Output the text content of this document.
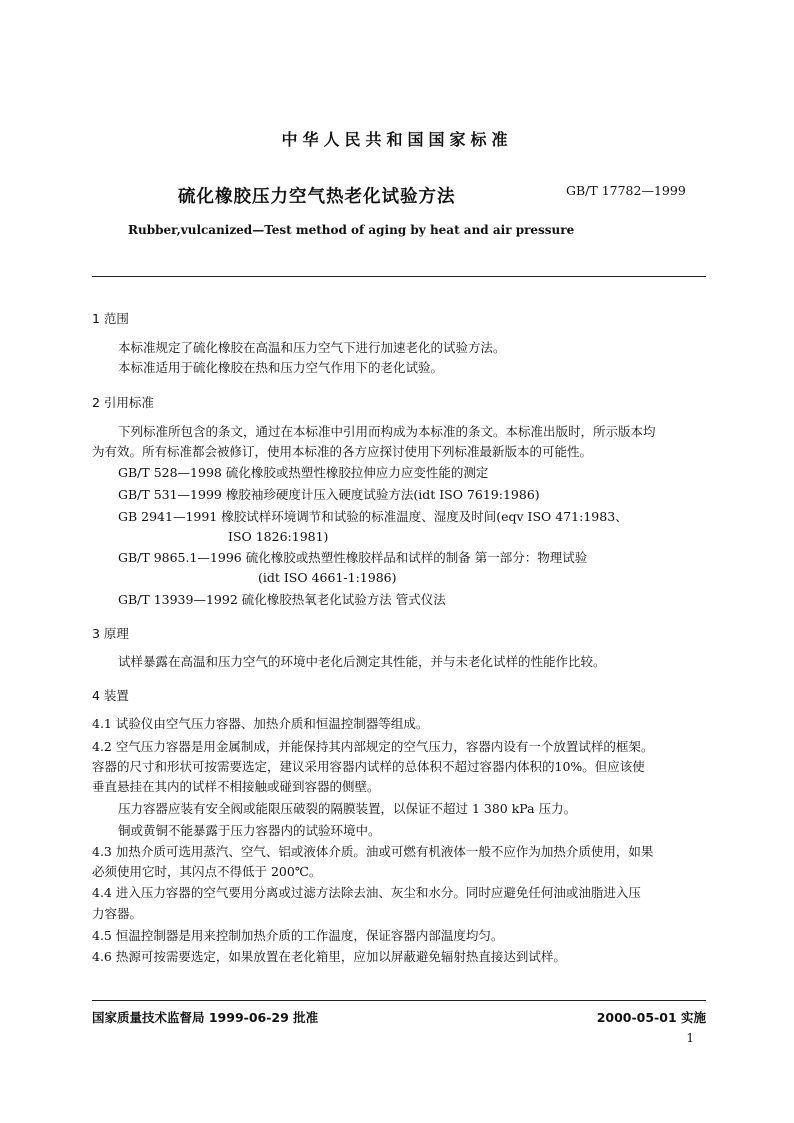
中华人民共和国国家标准
硫化橡胶压力空气热老化试验方法	GB/T 17782—1999
Rubber,vulcanized—Test method of aging by heat and air pressure
1 范围
本标准规定了硫化橡胶在高温和压力空气下进行加速老化的试验方法。
本标准适用于硫化橡胶在热和压力空气作用下的老化试验。
2 引用标准
下列标准所包含的条文，通过在本标准中引用而构成为本标准的条文。本标准出版时，所示版本均
为有效。所有标准都会被修订，使用本标准的各方应探讨使用下列标准最新版本的可能性。
GB/T 528—1998 硫化橡胶或热塑性橡胶拉伸应力应变性能的测定
GB/T 531—1999 橡胶袖珍硬度计压入硬度试验方法(idt ISO 7619:1986)
GB 2941—1991 橡胶试样环境调节和试验的标准温度、湿度及时间(eqv ISO 471:1983、
ISO 1826:1981)
GB/T 9865.1—1996 硫化橡胶或热塑性橡胶样品和试样的制备 第一部分：物理试验
(idt ISO 4661-1:1986)
GB/T 13939—1992 硫化橡胶热氧老化试验方法 管式仪法
3 原理
试样暴露在高温和压力空气的环境中老化后测定其性能，并与未老化试样的性能作比较。
4 装置
4.1 试验仪由空气压力容器、加热介质和恒温控制器等组成。
4.2 空气压力容器是用金属制成，并能保持其内部规定的空气压力，容器内设有一个放置试样的框架。
容器的尺寸和形状可按需要选定，建议采用容器内试样的总体积不超过容器内体积的10%。但应该使
垂直悬挂在其内的试样不相接触或碰到容器的侧壁。
压力容器应装有安全阀或能限压破裂的隔膜装置，以保证不超过 1 380 kPa 压力。
铜或黄铜不能暴露于压力容器内的试验环境中。
4.3 加热介质可选用蒸汽、空气、铝或液体介质。油或可燃有机液体一般不应作为加热介质使用，如果
必须使用它时，其闪点不得低于 200℃。
4.4 进入压力容器的空气要用分离或过滤方法除去油、灰尘和水分。同时应避免任何油或油脂进入压
力容器。
4.5 恒温控制器是用来控制加热介质的工作温度，保证容器内部温度均匀。
4.6 热源可按需要选定，如果放置在老化箱里，应加以屏蔽避免辐射热直接达到试样。
国家质量技术监督局 1999-06-29 批准	2000-05-01 实施
1
